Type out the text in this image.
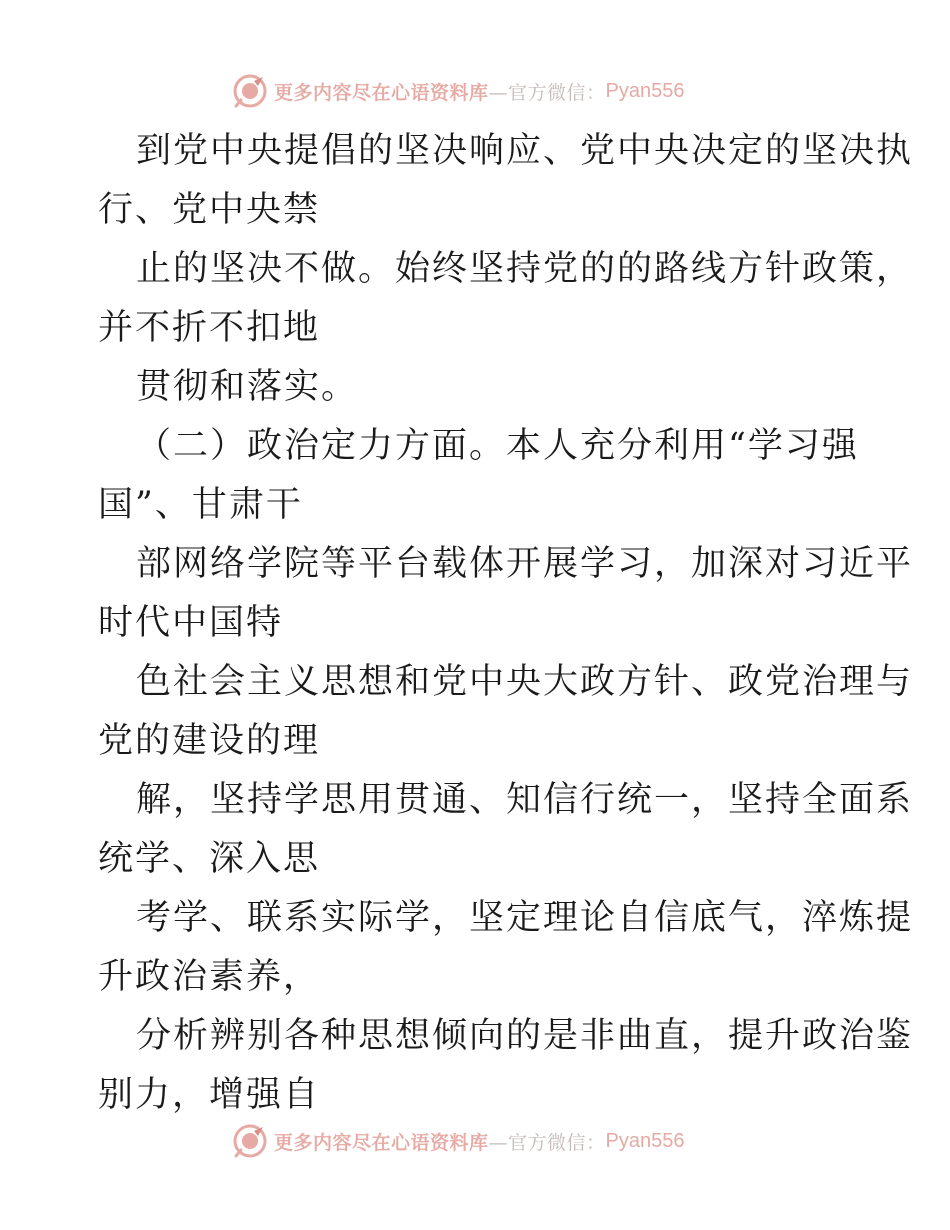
更多内容尽在心语资料库 —官方微信： Pyan556
到党中央提倡的坚决响应、党中央决定的坚决执
行、党中央禁
止的坚决不做。始终坚持党的的路线方针政策，
并不折不扣地
贯彻和落实。
（二）政治定力方面。本人充分利用“学习强
国”、甘肃干
部网络学院等平台载体开展学习，加深对习近平
时代中国特
色社会主义思想和党中央大政方针、政党治理与
党的建设的理
解，坚持学思用贯通、知信行统一，坚持全面系
统学、深入思
考学、联系实际学，坚定理论自信底气，淬炼提
升政治素养，
分析辨别各种思想倾向的是非曲直，提升政治鉴
别力，增强自
更多内容尽在心语资料库 —官方微信： Pyan556
